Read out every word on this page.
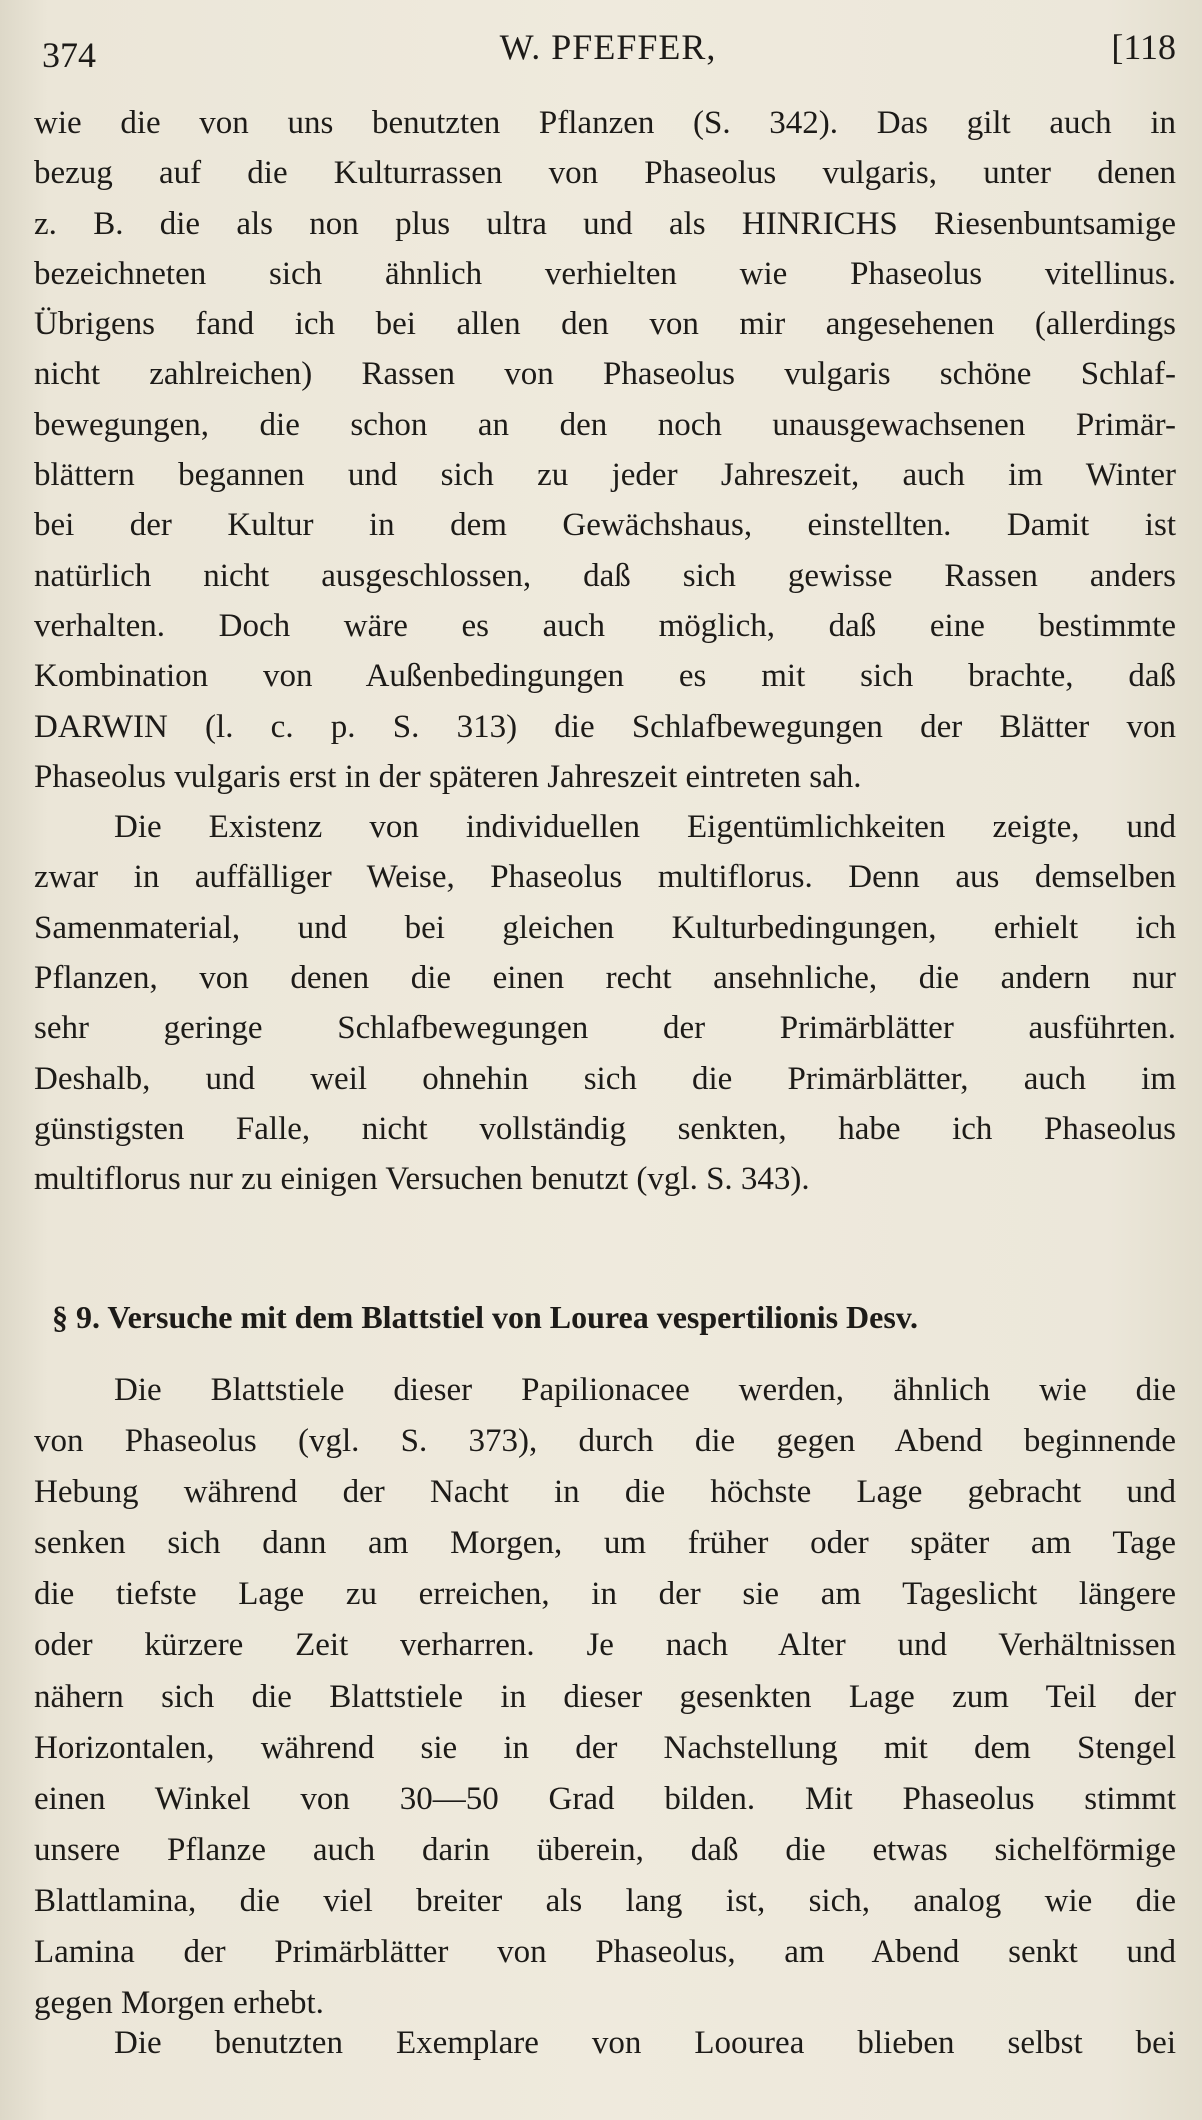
374	W. PFEFFER,	[118
wie die von uns benutzten Pflanzen (S. 342). Das gilt auch in
bezug auf die Kulturrassen von Phaseolus vulgaris, unter denen
z. B. die als non plus ultra und als HINRICHS Riesenbuntsamige
bezeichneten sich ähnlich verhielten wie Phaseolus vitellinus.
Übrigens fand ich bei allen den von mir angesehenen (allerdings
nicht zahlreichen) Rassen von Phaseolus vulgaris schöne Schlaf-
bewegungen, die schon an den noch unausgewachsenen Primär-
blättern begannen und sich zu jeder Jahreszeit, auch im Winter
bei der Kultur in dem Gewächshaus, einstellten. Damit ist
natürlich nicht ausgeschlossen, daß sich gewisse Rassen anders
verhalten. Doch wäre es auch möglich, daß eine bestimmte
Kombination von Außenbedingungen es mit sich brachte, daß
DARWIN (l. c. p. S. 313) die Schlafbewegungen der Blätter von
Phaseolus vulgaris erst in der späteren Jahreszeit eintreten sah.
Die Existenz von individuellen Eigentümlichkeiten zeigte, und
zwar in auffälliger Weise, Phaseolus multiflorus. Denn aus demselben
Samenmaterial, und bei gleichen Kulturbedingungen, erhielt ich
Pflanzen, von denen die einen recht ansehnliche, die andern nur
sehr geringe Schlafbewegungen der Primärblätter ausführten.
Deshalb, und weil ohnehin sich die Primärblätter, auch im
günstigsten Falle, nicht vollständig senkten, habe ich Phaseolus
multiflorus nur zu einigen Versuchen benutzt (vgl. S. 343).
§ 9. Versuche mit dem Blattstiel von Lourea vespertilionis Desv.
Die Blattstiele dieser Papilionacee werden, ähnlich wie die
von Phaseolus (vgl. S. 373), durch die gegen Abend beginnende
Hebung während der Nacht in die höchste Lage gebracht und
senken sich dann am Morgen, um früher oder später am Tage
die tiefste Lage zu erreichen, in der sie am Tageslicht längere
oder kürzere Zeit verharren. Je nach Alter und Verhältnissen
nähern sich die Blattstiele in dieser gesenkten Lage zum Teil der
Horizontalen, während sie in der Nachstellung mit dem Stengel
einen Winkel von 30—50 Grad bilden. Mit Phaseolus stimmt
unsere Pflanze auch darin überein, daß die etwas sichelförmige
Blattlamina, die viel breiter als lang ist, sich, analog wie die
Lamina der Primärblätter von Phaseolus, am Abend senkt und
gegen Morgen erhebt.
Die benutzten Exemplare von Loourea blieben selbst bei
